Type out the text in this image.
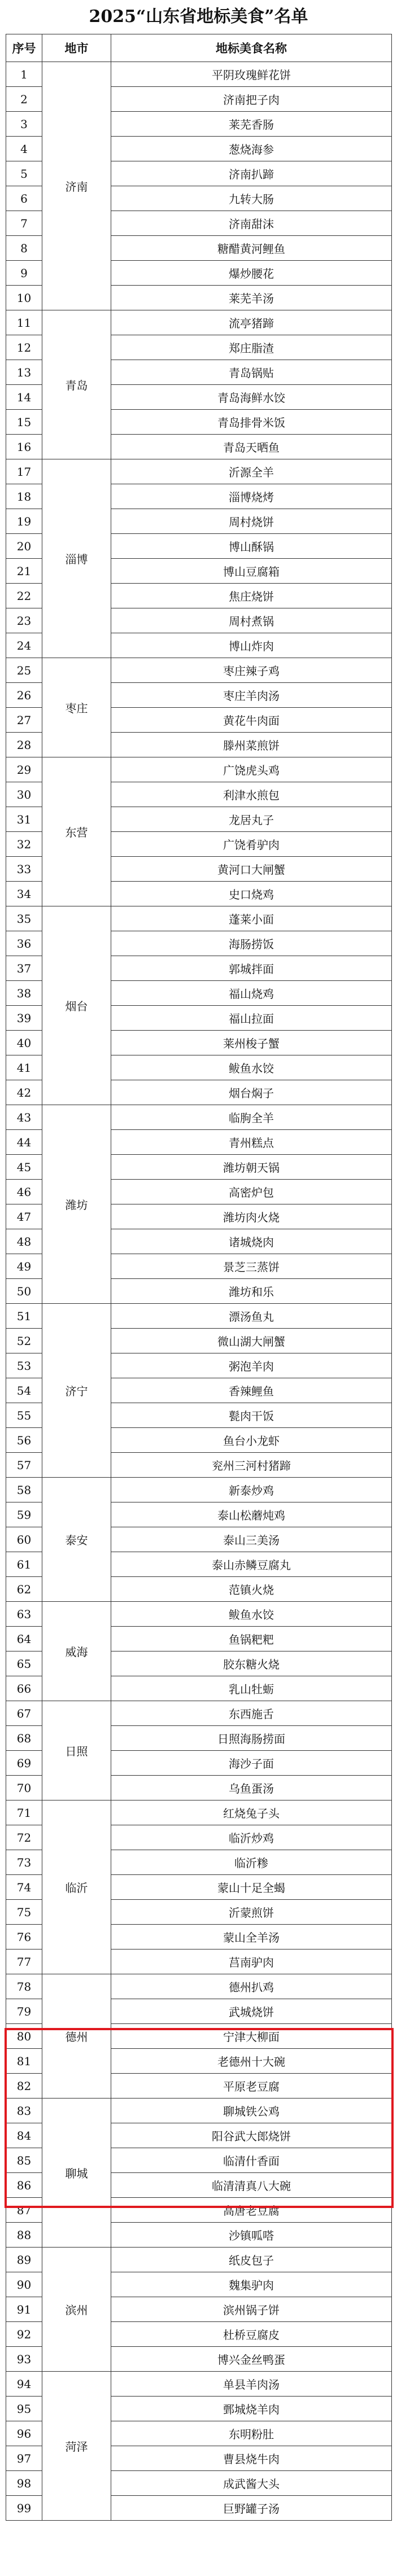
2025“山东省地标美食”名单
序号	地市	地标美食名称
1	济南	平阴玫瑰鲜花饼
2		济南把子肉
3		莱芜香肠
4		葱烧海参
5		济南扒蹄
6		九转大肠
7		济南甜沫
8		糖醋黄河鲤鱼
9		爆炒腰花
10		莱芜羊汤
11	青岛	流亭猪蹄
12		郑庄脂渣
13		青岛锅贴
14		青岛海鲜水饺
15		青岛排骨米饭
16		青岛天晒鱼
17	淄博	沂源全羊
18		淄博烧烤
19		周村烧饼
20		博山酥锅
21		博山豆腐箱
22		焦庄烧饼
23		周村煮锅
24		博山炸肉
25	枣庄	枣庄辣子鸡
26		枣庄羊肉汤
27		黄花牛肉面
28		滕州菜煎饼
29	东营	广饶虎头鸡
30		利津水煎包
31		龙居丸子
32		广饶肴驴肉
33		黄河口大闸蟹
34		史口烧鸡
35	烟台	蓬莱小面
36		海肠捞饭
37		郭城拌面
38		福山烧鸡
39		福山拉面
40		莱州梭子蟹
41		鲅鱼水饺
42		烟台焖子
43	潍坊	临朐全羊
44		青州糕点
45		潍坊朝天锅
46		高密炉包
47		潍坊肉火烧
48		诸城烧肉
49		景芝三蒸饼
50		潍坊和乐
51	济宁	漂汤鱼丸
52		微山湖大闸蟹
53		粥泡羊肉
54		香辣鲤鱼
55		甏肉干饭
56		鱼台小龙虾
57		兖州三河村猪蹄
58	泰安	新泰炒鸡
59		泰山松蘑炖鸡
60		泰山三美汤
61		泰山赤鳞豆腐丸
62		范镇火烧
63	威海	鲅鱼水饺
64		鱼锅粑粑
65		胶东糖火烧
66		乳山牡蛎
67	日照	东西施舌
68		日照海肠捞面
69		海沙子面
70		乌鱼蛋汤
71	临沂	红烧兔子头
72		临沂炒鸡
73		临沂糁
74		蒙山十足全蝎
75		沂蒙煎饼
76		蒙山全羊汤
77		莒南驴肉
78	德州	德州扒鸡
79		武城烧饼
80		宁津大柳面
81		老德州十大碗
82		平原老豆腐
83	聊城	聊城铁公鸡
84		阳谷武大郎烧饼
85		临清什香面
86		临清清真八大碗
87		高唐老豆腐
88		沙镇呱嗒
89	滨州	纸皮包子
90		魏集驴肉
91		滨州锅子饼
92		杜桥豆腐皮
93		博兴金丝鸭蛋
94	菏泽	单县羊肉汤
95		鄄城烧羊肉
96		东明粉肚
97		曹县烧牛肉
98		成武酱大头
99		巨野罐子汤
